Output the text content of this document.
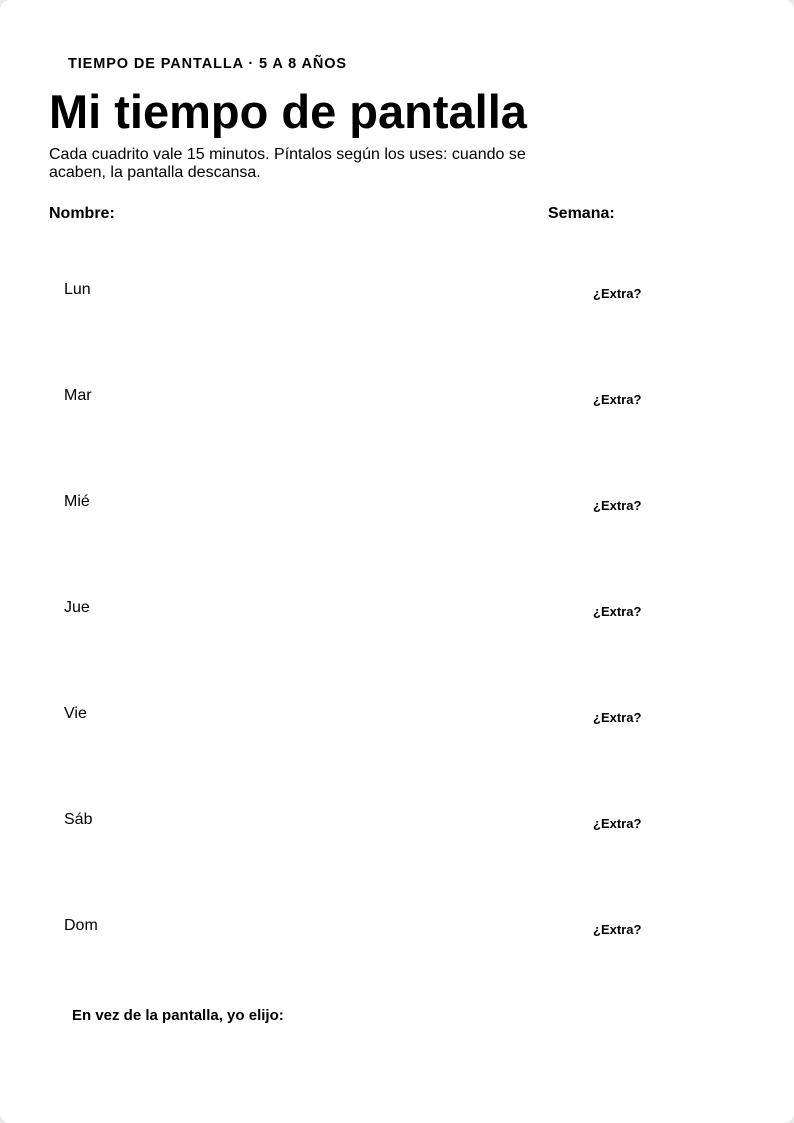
TIEMPO DE PANTALLA · 5 A 8 AÑOS
Mi tiempo de pantalla
Cada cuadrito vale 15 minutos. Píntalos según los uses: cuando se acaben, la pantalla descansa.
Nombre:	Semana:
Lun	¿Extra?
Mar	¿Extra?
Mié	¿Extra?
Jue	¿Extra?
Vie	¿Extra?
Sáb	¿Extra?
Dom	¿Extra?
En vez de la pantalla, yo elijo:
